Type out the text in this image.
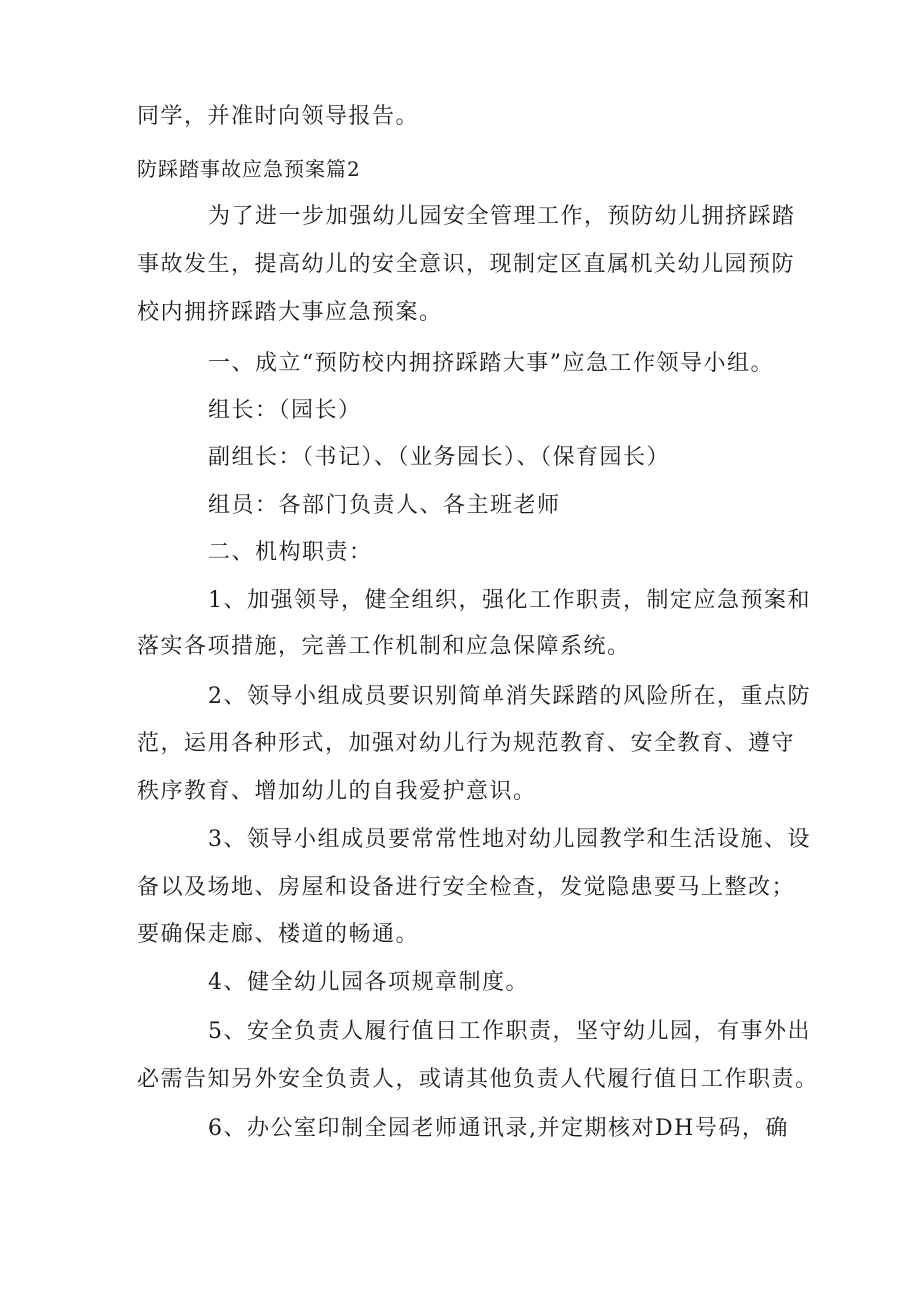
同学，并准时向领导报告。
防踩踏事故应急预案篇2
为了进一步加强幼儿园安全管理工作，预防幼儿拥挤踩踏
事故发生，提高幼儿的安全意识，现制定区直属机关幼儿园预防
校内拥挤踩踏大事应急预案。
一、成立“预防校内拥挤踩踏大事”应急工作领导小组。
组长：（园长）
副组长：（书记）、（业务园长）、（保育园长）
组员：各部门负责人、各主班老师
二、机构职责：
1、加强领导，健全组织，强化工作职责，制定应急预案和
落实各项措施，完善工作机制和应急保障系统。
2、领导小组成员要识别简单消失踩踏的风险所在，重点防
范，运用各种形式，加强对幼儿行为规范教育、安全教育、遵守
秩序教育、增加幼儿的自我爱护意识。
3、领导小组成员要常常性地对幼儿园教学和生活设施、设
备以及场地、房屋和设备进行安全检查，发觉隐患要马上整改；
要确保走廊、楼道的畅通。
4、健全幼儿园各项规章制度。
5、安全负责人履行值日工作职责，坚守幼儿园，有事外出
必需告知另外安全负责人，或请其他负责人代履行值日工作职责。
6、办公室印制全园老师通讯录,并定期核对DH号码，确
